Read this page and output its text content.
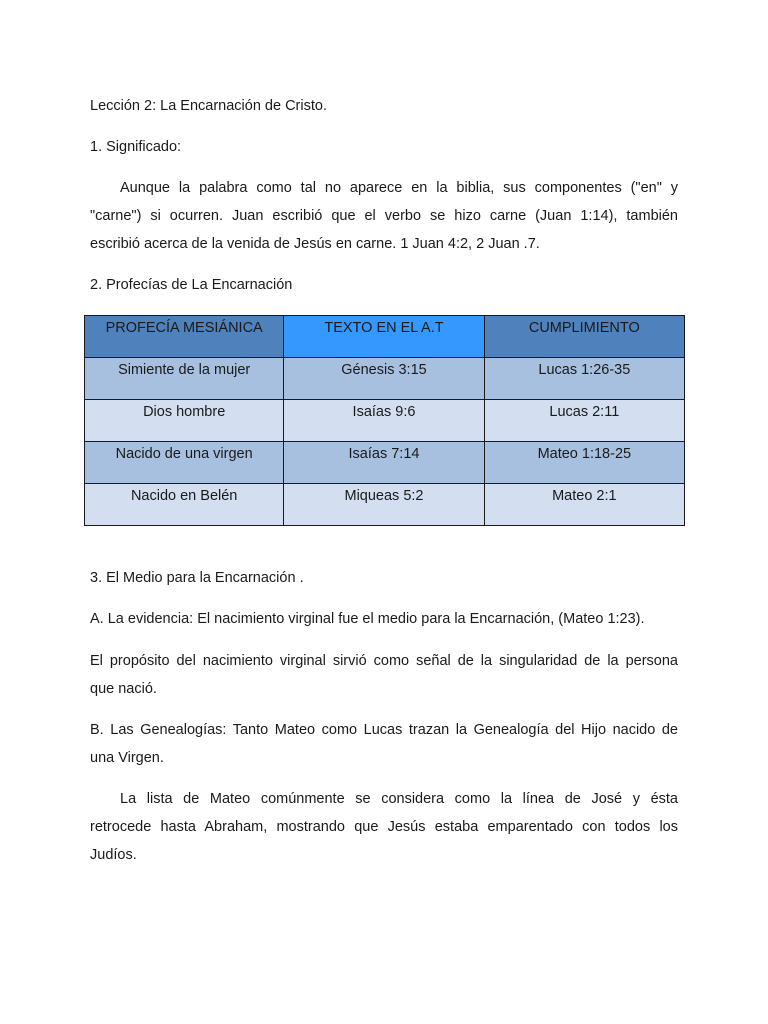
Lección 2: La Encarnación de Cristo.

1. Significado:

Aunque la palabra como tal no aparece en la biblia, sus componentes ("en" y

"carne") si ocurren. Juan escribió que el verbo se hizo carne (Juan 1:14), también

escribió acerca de la venida de Jesús en carne. 1 Juan 4:2, 2 Juan .7.

2. Profecías de La Encarnación

3. El Medio para la Encarnación .

A. La evidencia: El nacimiento virginal fue el medio para la Encarnación, (Mateo 1:23).

El propósito del nacimiento virginal sirvió como señal de la singularidad de la persona

que nació.

B. Las Genealogías: Tanto Mateo como Lucas trazan la Genealogía del Hijo nacido de

una Virgen.

La lista de Mateo comúnmente se considera como la línea de José y ésta

retrocede hasta Abraham, mostrando que Jesús estaba emparentado con todos los

Judíos.

PROFECÍA MESIÁNICA	TEXTO EN EL A.T	CUMPLIMIENTO

Simiente de la mujer	Génesis 3:15	Lucas 1:26-35

Dios hombre	Isaías 9:6	Lucas 2:11

Nacido de una virgen	Isaías 7:14	Mateo 1:18-25

Nacido en Belén	Miqueas 5:2	Mateo 2:1
